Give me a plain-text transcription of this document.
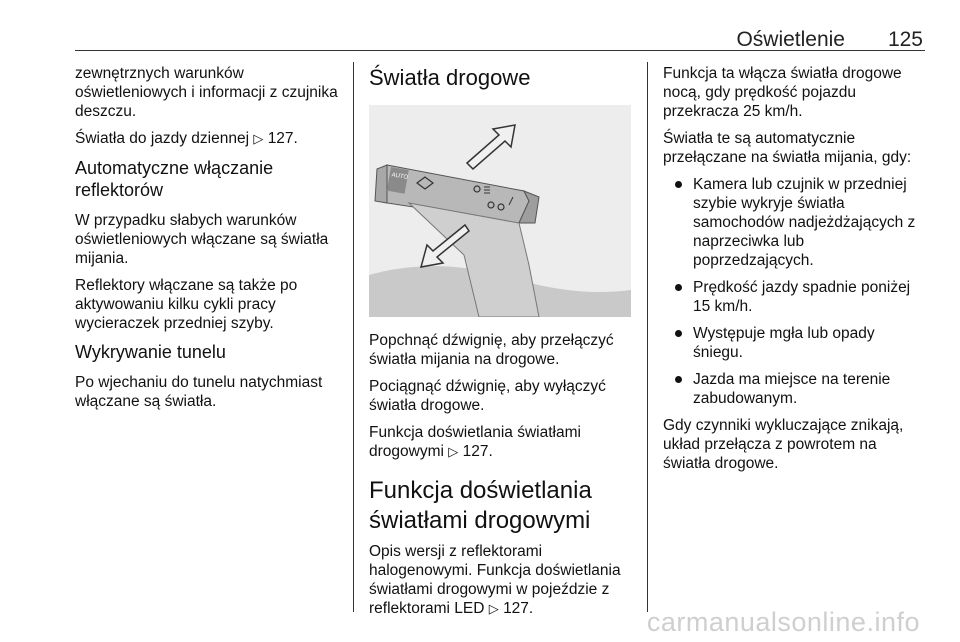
Oświetlenie 125

zewnętrznych warunków oświetleniowych i informacji z czujnika deszczu.

Światła do jazdy dziennej ▷ 127.

Automatyczne włączanie reflektorów

W przypadku słabych warunków oświetleniowych włączane są światła mijania.

Reflektory włączane są także po aktywowaniu kilku cykli pracy wycieraczek przedniej szyby.

Wykrywanie tunelu

Po wjechaniu do tunelu natychmiast włączane są światła.

Światła drogowe
AUTO

Popchnąć dźwignię, aby przełączyć światła mijania na drogowe.

Pociągnąć dźwignię, aby wyłączyć światła drogowe.

Funkcja doświetlania światłami drogowymi ▷ 127.

Funkcja doświetlania światłami drogowymi

Opis wersji z reflektorami halogenowymi. Funkcja doświetlania światłami drogowymi w pojeździe z reflektorami LED ▷ 127.

Funkcja ta włącza światła drogowe nocą, gdy prędkość pojazdu przekracza 25 km/h.

Światła te są automatycznie przełączane na światła mijania, gdy:

Kamera lub czujnik w przedniej szybie wykryje światła samochodów nadjeżdżających z naprzeciwka lub poprzedzających.
Prędkość jazdy spadnie poniżej 15 km/h.
Występuje mgła lub opady śniegu.
Jazda ma miejsce na terenie zabudowanym.

Gdy czynniki wykluczające znikają, układ przełącza z powrotem na światła drogowe.

carmanualsonline.info
